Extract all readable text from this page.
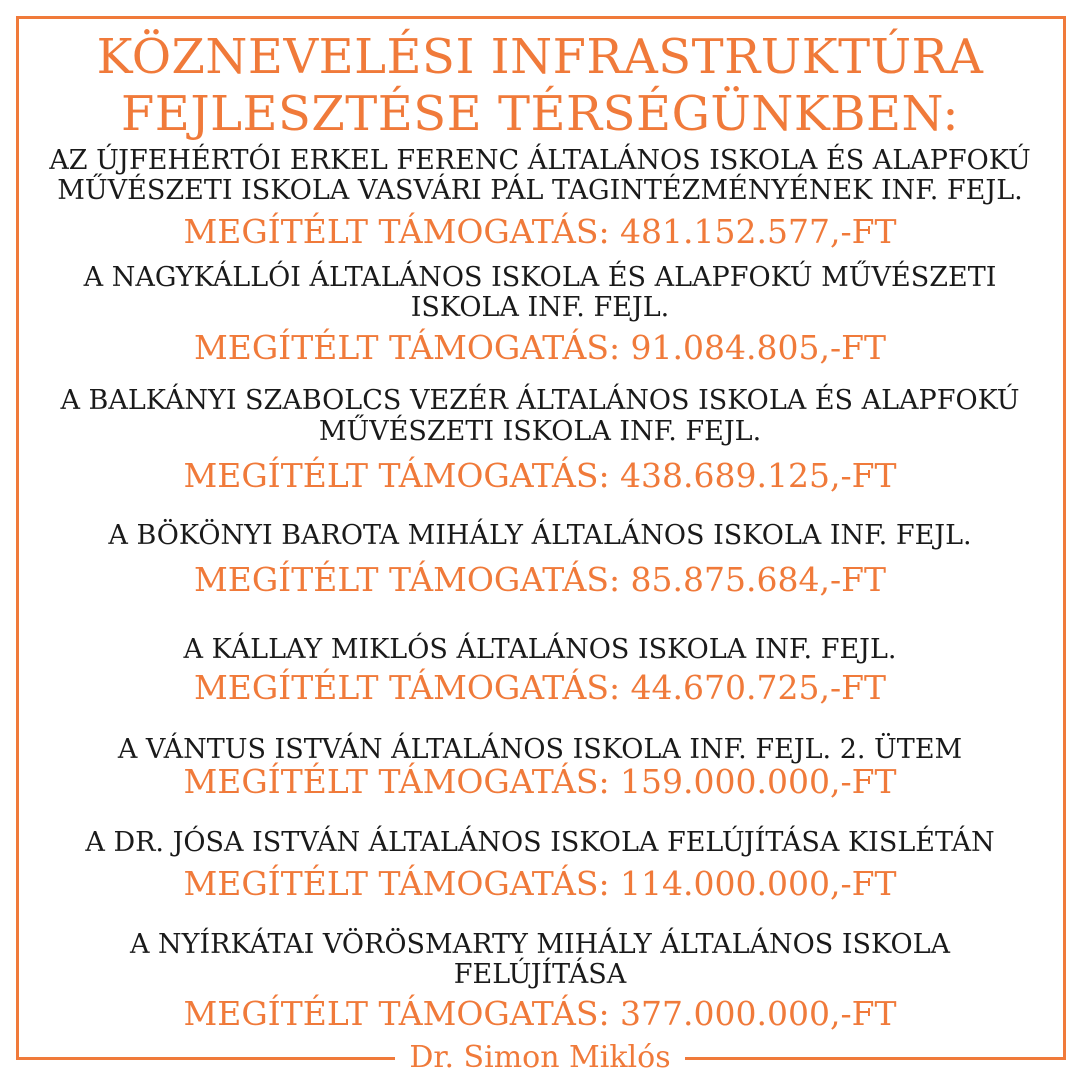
KÖZNEVELÉSI INFRASTRUKTÚRA
FEJLESZTÉSE TÉRSÉGÜNKBEN:
AZ ÚJFEHÉRTÓI ERKEL FERENC ÁLTALÁNOS ISKOLA ÉS ALAPFOKÚ
MŰVÉSZETI ISKOLA VASVÁRI PÁL TAGINTÉZMÉNYÉNEK INF. FEJL.
MEGÍTÉLT TÁMOGATÁS: 481.152.577,-FT
A NAGYKÁLLÓI ÁLTALÁNOS ISKOLA ÉS ALAPFOKÚ MŰVÉSZETI
ISKOLA INF. FEJL.
MEGÍTÉLT TÁMOGATÁS: 91.084.805,-FT
A BALKÁNYI SZABOLCS VEZÉR ÁLTALÁNOS ISKOLA ÉS ALAPFOKÚ
MŰVÉSZETI ISKOLA INF. FEJL.
MEGÍTÉLT TÁMOGATÁS: 438.689.125,-FT
A BÖKÖNYI BAROTA MIHÁLY ÁLTALÁNOS ISKOLA INF. FEJL.
MEGÍTÉLT TÁMOGATÁS: 85.875.684,-FT
A KÁLLAY MIKLÓS ÁLTALÁNOS ISKOLA INF. FEJL.
MEGÍTÉLT TÁMOGATÁS: 44.670.725,-FT
A VÁNTUS ISTVÁN ÁLTALÁNOS ISKOLA INF. FEJL. 2. ÜTEM
MEGÍTÉLT TÁMOGATÁS: 159.000.000,-FT
A DR. JÓSA ISTVÁN ÁLTALÁNOS ISKOLA FELÚJÍTÁSA KISLÉTÁN
MEGÍTÉLT TÁMOGATÁS: 114.000.000,-FT
A NYÍRKÁTAI VÖRÖSMARTY MIHÁLY ÁLTALÁNOS ISKOLA
FELÚJÍTÁSA
MEGÍTÉLT TÁMOGATÁS: 377.000.000,-FT
Dr. Simon Miklós
